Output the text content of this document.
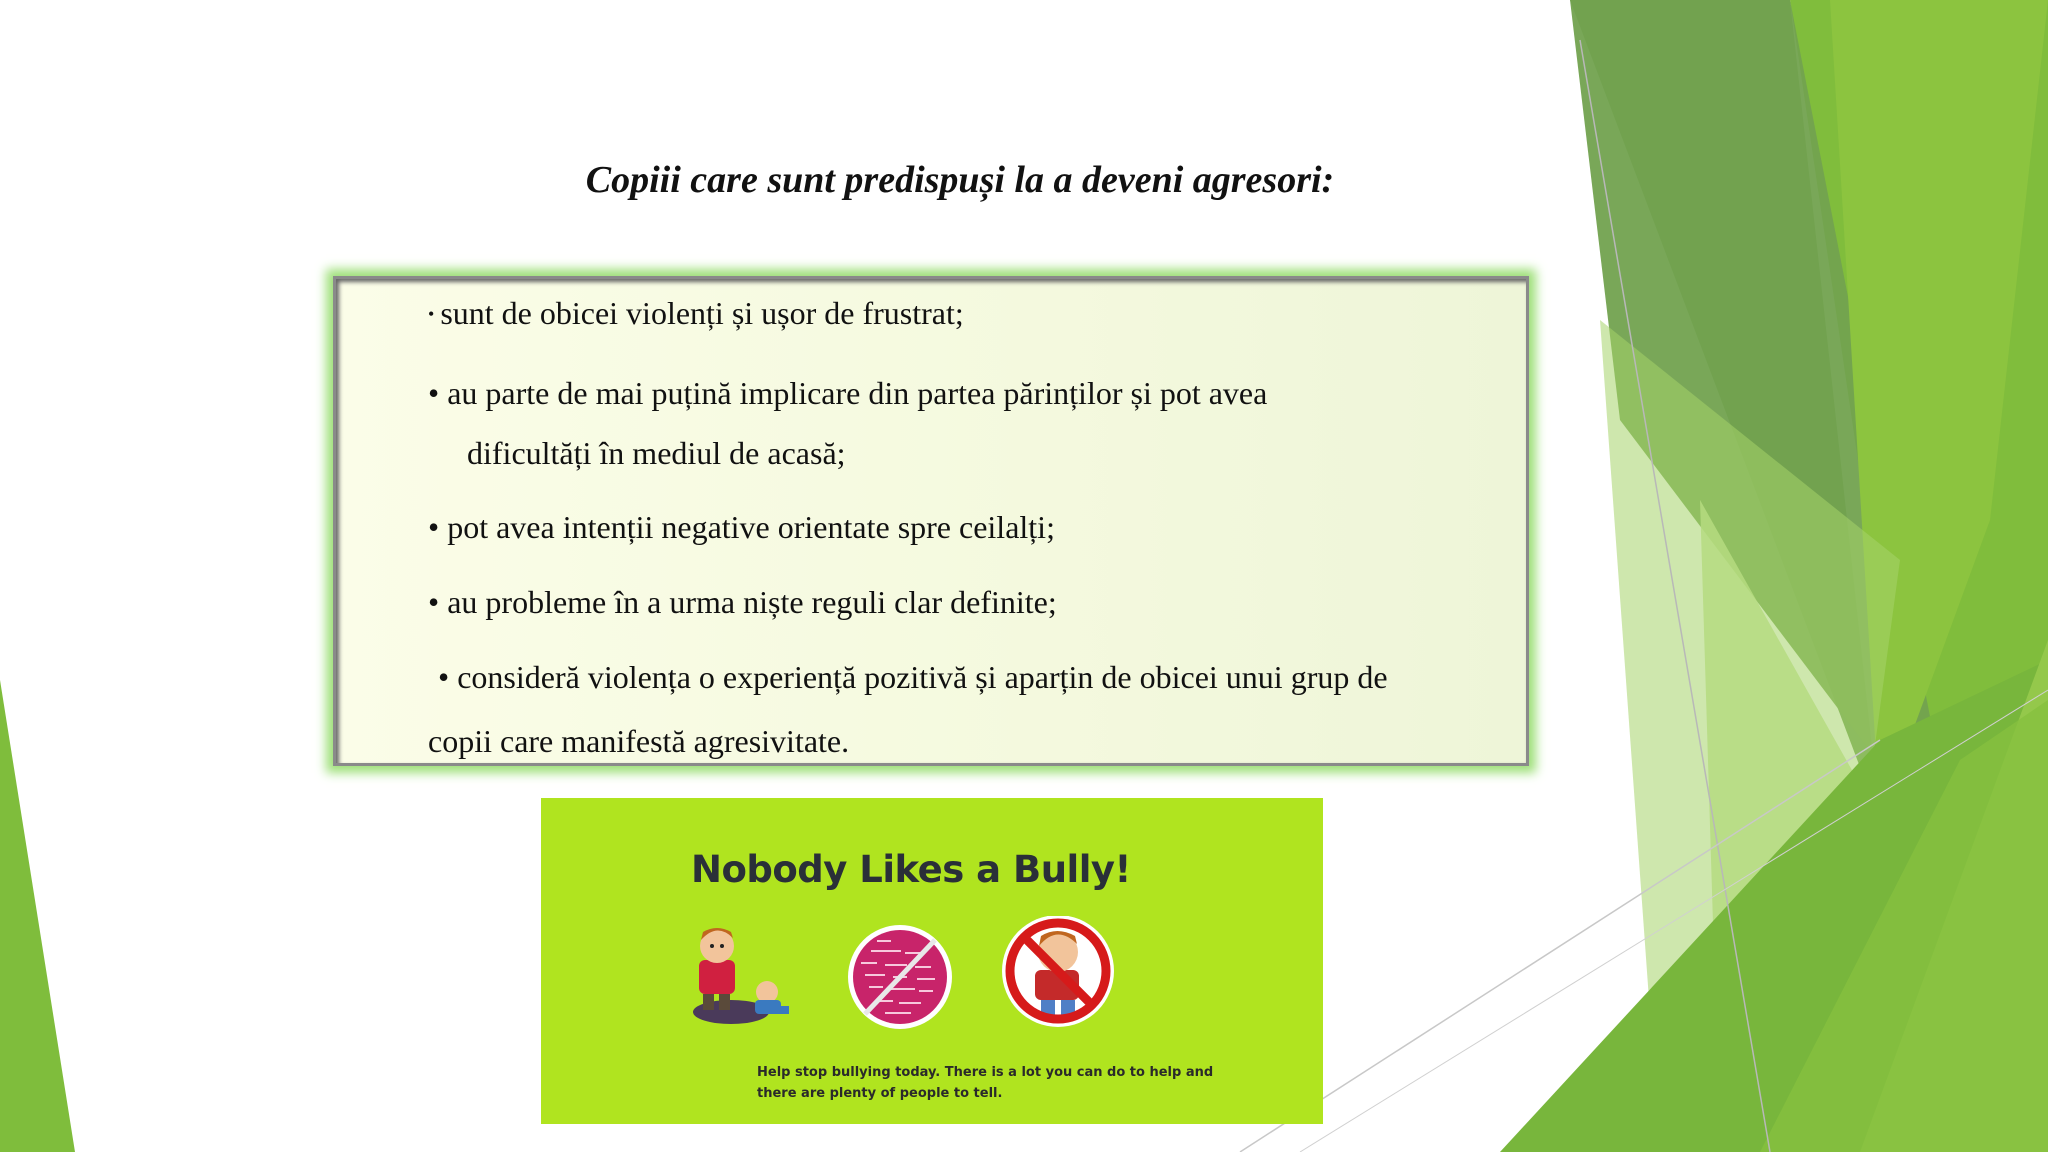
Copiii care sunt predispuși la a deveni agresori:
• sunt de obicei violenți și ușor de frustrat;
• au parte de mai puțină implicare din partea părinților și pot avea
dificultăți în mediul de acasă;
• pot avea intenții negative orientate spre ceilalți;
• au probleme în a urma niște reguli clar definite;
• consideră violența o experiență pozitivă și aparțin de obicei unui grup de
copii care manifestă agresivitate.
Nobody Likes a Bully!
Help stop bullying today. There is a lot you can do to help and
there are plenty of people to tell.
